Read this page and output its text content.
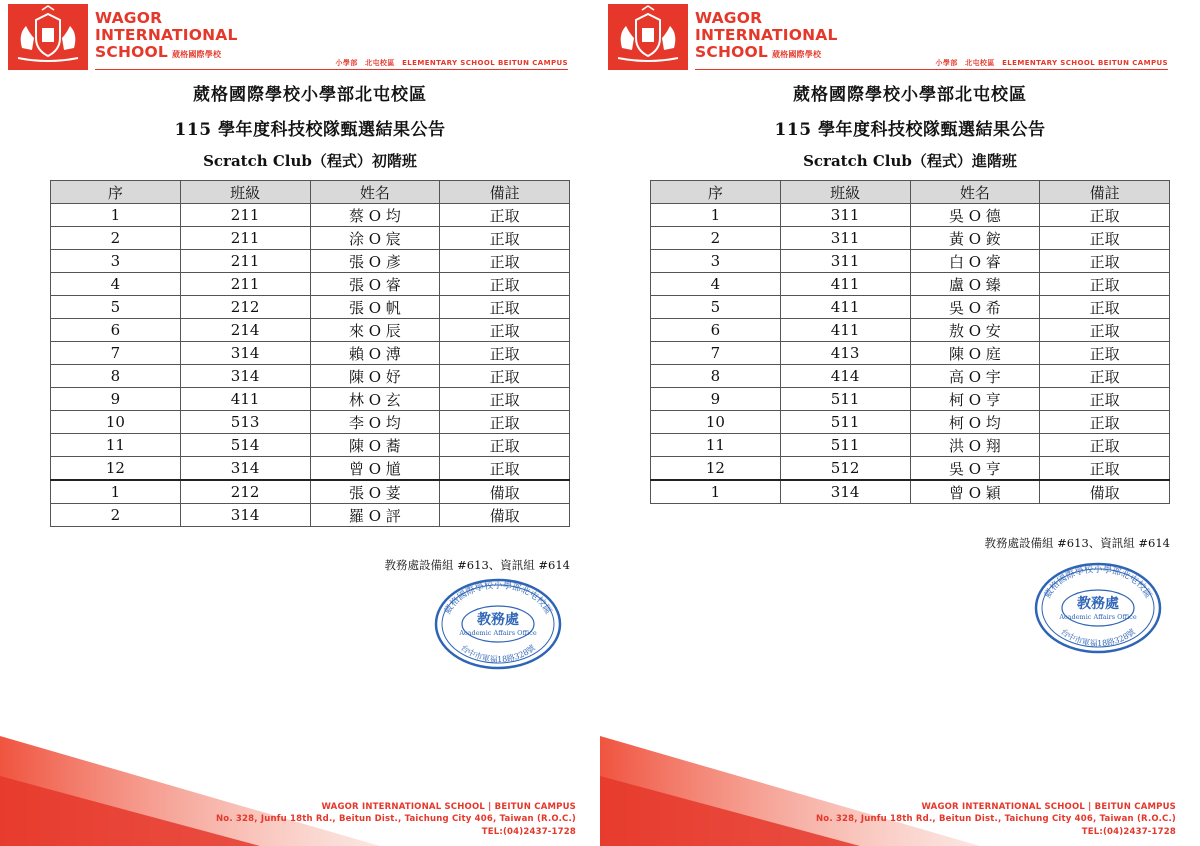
WAGOR
INTERNATIONAL
SCHOOL 葳格國際學校
小學部　北屯校區　ELEMENTARY SCHOOL BEITUN CAMPUS
葳格國際學校小學部北屯校區
115 學年度科技校隊甄選結果公告
Scratch Club（程式）初階班
序	班級	姓名	備註
1	211	蔡 O 均	正取
2	211	涂 O 宸	正取
3	211	張 O 彥	正取
4	211	張 O 睿	正取
5	212	張 O 帆	正取
6	214	來 O 辰	正取
7	314	賴 O 溥	正取
8	314	陳 O 妤	正取
9	411	林 O 玄	正取
10	513	李 O 均	正取
11	514	陳 O 蕎	正取
12	314	曾 O 馗	正取
1	212	張 O 荽	備取
2	314	羅 O 評	備取
教務處設備組 #613、資訊組 #614
葳格國際學校小學部北屯校區
教務處
Academic Affairs Office
台中市軍福18路328號
WAGOR INTERNATIONAL SCHOOL | BEITUN CAMPUS
No. 328, Junfu 18th Rd., Beitun Dist., Taichung City 406, Taiwan (R.O.C.)
TEL:(04)2437-1728
WAGOR
INTERNATIONAL
SCHOOL 葳格國際學校
小學部　北屯校區　ELEMENTARY SCHOOL BEITUN CAMPUS
葳格國際學校小學部北屯校區
115 學年度科技校隊甄選結果公告
Scratch Club（程式）進階班
序	班級	姓名	備註
1	311	吳 O 德	正取
2	311	黃 O 銨	正取
3	311	白 O 睿	正取
4	411	盧 O 臻	正取
5	411	吳 O 希	正取
6	411	敖 O 安	正取
7	413	陳 O 庭	正取
8	414	高 O 宇	正取
9	511	柯 O 亨	正取
10	511	柯 O 均	正取
11	511	洪 O 翔	正取
12	512	吳 O 亨	正取
1	314	曾 O 穎	備取
教務處設備組 #613、資訊組 #614
葳格國際學校小學部北屯校區
教務處
Academic Affairs Office
台中市軍福18路328號
WAGOR INTERNATIONAL SCHOOL | BEITUN CAMPUS
No. 328, Junfu 18th Rd., Beitun Dist., Taichung City 406, Taiwan (R.O.C.)
TEL:(04)2437-1728
